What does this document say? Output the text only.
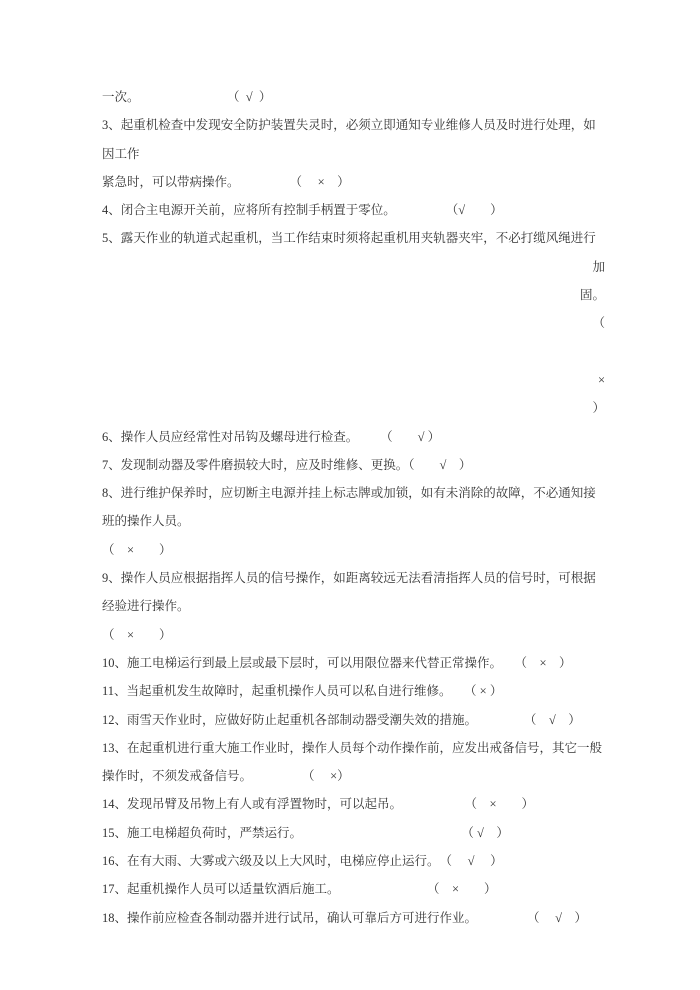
一次。　　　　　　　　（  √  ）
3、起重机检查中发现安全防护装置失灵时，必须立即通知专业维修人员及时进行处理，如
因工作
紧急时，可以带病操作。　　　　　（　 ×　）
4、闭合主电源开关前，应将所有控制手柄置于零位。　　　　　（√　　）
5、露天作业的轨道式起重机，当工作结束时须将起重机用夹轨器夹牢，不必打缆风绳进行
加
固。
（
×
）
6、操作人员应经常性对吊钩及螺母进行检查。　　 （　　√ ）
7、发现制动器及零件磨损较大时，应及时维修、更换。（　　√　）
8、进行维护保养时，应切断主电源并挂上标志牌或加锁，如有未消除的故障，不必通知接
班的操作人员。
（　×　　）
9、操作人员应根据指挥人员的信号操作，如距离较远无法看清指挥人员的信号时，可根据
经验进行操作。
（　×　　）
10、施工电梯运行到最上层或最下层时，可以用限位器来代替正常操作。　　（　×　）
11、当起重机发生故障时，起重机操作人员可以私自进行维修。　　（ × ）
12、雨雪天作业时，应做好防止起重机各部制动器受潮失效的措施。　　　　 （　√　）
13、在起重机进行重大施工作业时，操作人员每个动作操作前，应发出戒备信号，其它一般
操作时，不须发戒备信号。　　　　　（　 ×）
14、发现吊臂及吊物上有人或有浮置物时，可以起吊。　　　　　　（　×　　）
15、施工电梯超负荷时，严禁运行。　　　　　　　　　　　　　 （ √　）
16、在有大雨、大雾或六级及以上大风时，电梯应停止运行。　（　 √　 ）
17、起重机操作人员可以适量钦酒后施工。　　　　　　　　（　×　　）
18、操作前应检查各制动器并进行试吊，确认可靠后方可进行作业。　　　　　（　 √　）
